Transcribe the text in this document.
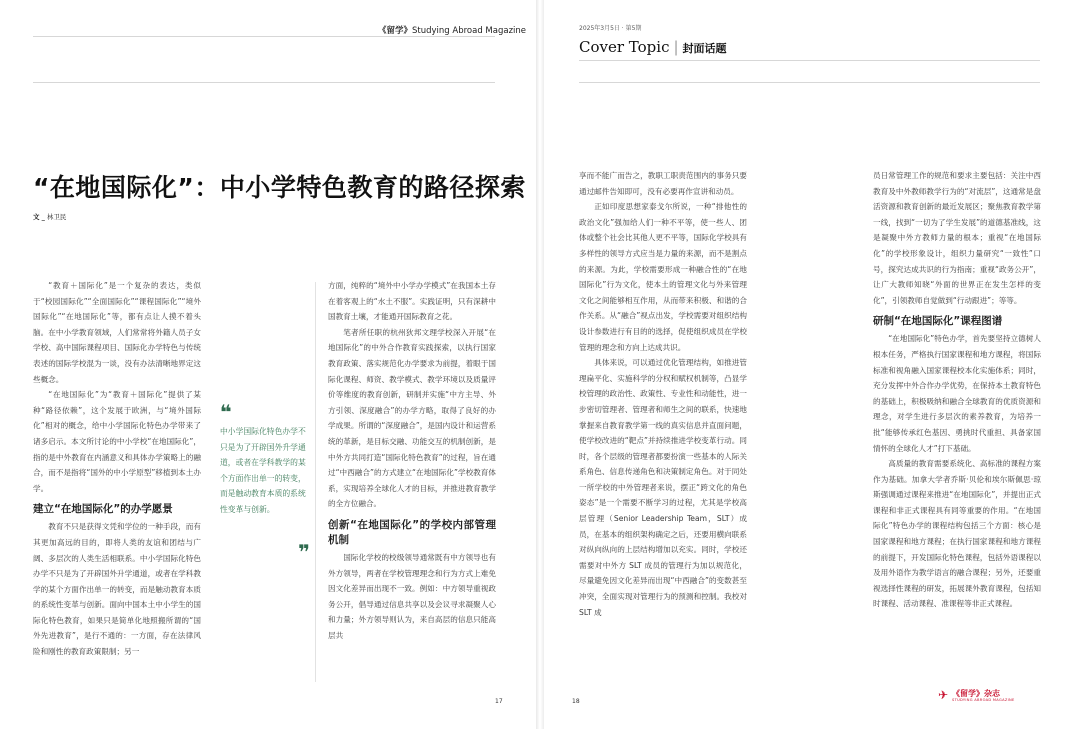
《留学》Studying Abroad Magazine	2025年3月5日 · 第5期
Cover Topic | 封面话题
“在地国际化”：中小学特色教育的路径探索
文 _ 林卫民

“教育＋国际化”是一个复杂的表达，类似于“校园国际化”“全面国际化”“课程国际化”“境外国际化”“在地国际化”等，都有点让人摸不着头脑。在中小学教育领域，人们常常将外籍人员子女学校、高中国际课程项目、国际化办学特色与传统表述的国际学校混为一谈，没有办法清晰地界定这些概念。

“在地国际化”为“教育＋国际化”提供了某种“路径依赖”，这个发展于欧洲，与“境外国际化”相对的概念，给中小学国际化特色办学带来了诸多启示。本文所讨论的中小学校“在地国际化”，指的是中外教育在内涵意义和具体办学策略上的融合，而不是指将“国外的中小学原型”移植到本土办学。

建立“在地国际化”的办学愿景

教育不只是获得文凭和学位的一种手段，而有其更加高远的目的，即将人类的友谊和团结与广阔、多层次的人类生活相联系。中小学国际化特色办学不只是为了开辟国外升学通道，或者在学科教学的某个方面作出单一的转变，而是触动教育本质的系统性变革与创新。面向中国本土中小学生的国际化特色教育，如果只是简单化地照搬所谓的“国外先进教育”，是行不通的：一方面，存在法律风险和刚性的教育政策限制；另一

方面，纯粹的“境外中小学办学模式”在我国本土存在着客观上的“水土不服”。实践证明，只有深耕中国教育土壤，才能通开国际教育之花。

笔者所任职的杭州狄邦文理学校深入开展“在地国际化”的中外合作教育实践探索，以执行国家教育政策、落实规范化办学要求为前提，着眼于国际化课程、师资、教学模式、教学环境以及质量评价等维度的教育创新，研制并实施“中方主导、外方引领、深度融合”的办学方略，取得了良好的办学成果。所谓的“深度融合”，是国内设计和运营系统的革新，是目标交融、功能交互的机制创新，是中外方共同打造“国际化特色教育”的过程，旨在通过“中西融合”的方式建立“在地国际化”学校教育体系，实现培养全球化人才的目标，并推进教育教学的全方位融合。

创新“在地国际化”的学校内部管理机制

国际化学校的校级领导通常既有中方领导也有外方领导，两者在学校管理理念和行为方式上难免因文化差异而出现不一致。例如：中方领导重视政务公开，倡导通过信息共享以及会议寻求凝聚人心和力量；外方领导则认为，来自高层的信息只能高层共

享而不能广而告之，教职工职责范围内的事务只要通过邮件告知即可，没有必要再作宣讲和动员。

正如印度思想家泰戈尔所说，一种“排他性的政治文化”强加给人们一种不平等，使一些人、团体或整个社会比其他人更不平等，国际化学校具有多样性的领导方式应当是力量的来源，而不是割点的来源。为此，学校需要形成一种融合性的“在地国际化”行为文化，使本土的管理文化与外来管理文化之间能够相互作用，从而带来积极、和谐的合作关系。从“融合”视点出发，学校需要对组织结构设计参数进行有目的的选择，促使组织成员在学校管理的理念和方向上达成共识。

具体来说，可以通过优化管理结构，如推进管理扁平化、实施科学的分权和赋权机制等，凸显学校管理的政治性、政策性、专业性和动能性，进一步密切管理者、管理者和师生之间的联系，快速地掌握来自教育教学第一线的真实信息并直面问题，使学校改进的“靶点”并持续推进学校变革行动。同时，各个层级的管理者都要扮演一些基本的人际关系角色、信息传递角色和决策制定角色。对于同处一所学校的中外管理者来说，摆正“跨文化的角色姿态”是一个需要不断学习的过程，尤其是学校高层管理（Senior Leadership Team，SLT）成员，在基本的组织架构确定之后，还要用横向联系对纵向纵向的上层结构增加以充实。同时，学校还需要对中外方 SLT 成员的管理行为加以规范化，尽量避免因文化差异而出现“中西融合”的变数甚至冲突，全面实现对管理行为的预测和控制。我校对 SLT 成

员日常管理工作的规范和要求主要包括：关注中西教育及中外教师教学行为的“对流层”，这通常是盘活资源和教育创新的最近发展区；聚焦教育教学第一线，找到“一切为了学生发展”的道德基准线，这是凝聚中外方教师力量的根本；重视“在地国际化”的学校形象设计，组织力量研究“一致性”口号，探究达成共识的行为指南；重视“政务公开”，让广大教师知晓“外面的世界正在发生怎样的变化”，引领教师自觉做到“行动跟进”；等等。

研制“在地国际化”课程图谱

“在地国际化”特色办学，首先要坚持立德树人根本任务，严格执行国家课程和地方课程，将国际标准和视角融入国家课程校本化实施体系；同时，充分发挥中外合作办学优势，在保持本土教育特色的基础上，积极吸纳和融合全球教育的优质资源和理念，对学生进行多层次的素养教育，为培养一批“能够传承红色基因、勇挑时代重担、具备家国情怀的全球化人才”打下基础。

高质量的教育需要系统化、高标准的课程方案作为基础。加拿大学者乔斯·贝伦和埃尔斯佩思·琼斯强调通过课程来推进“在地国际化”，并提出正式课程和非正式课程具有同等重要的作用。“在地国际化”特色办学的课程结构包括三个方面：核心是国家课程和地方课程；在执行国家课程和地方课程的前提下，开发国际化特色课程，包括外语课程以及用外语作为教学语言的融合课程；另外，还要重视选择性课程的研发，拓展课外教育课程，包括知时课程、活动课程、准课程等非正式课程。

❝
中小学国际化特色办学不只是为了开辟国外升学通道，或者在学科教学的某个方面作出单一的转变，而是触动教育本质的系统性变革与创新。
❞
17	18	✈ 《留学》杂志
STUDYING ABROAD MAGAZINE
